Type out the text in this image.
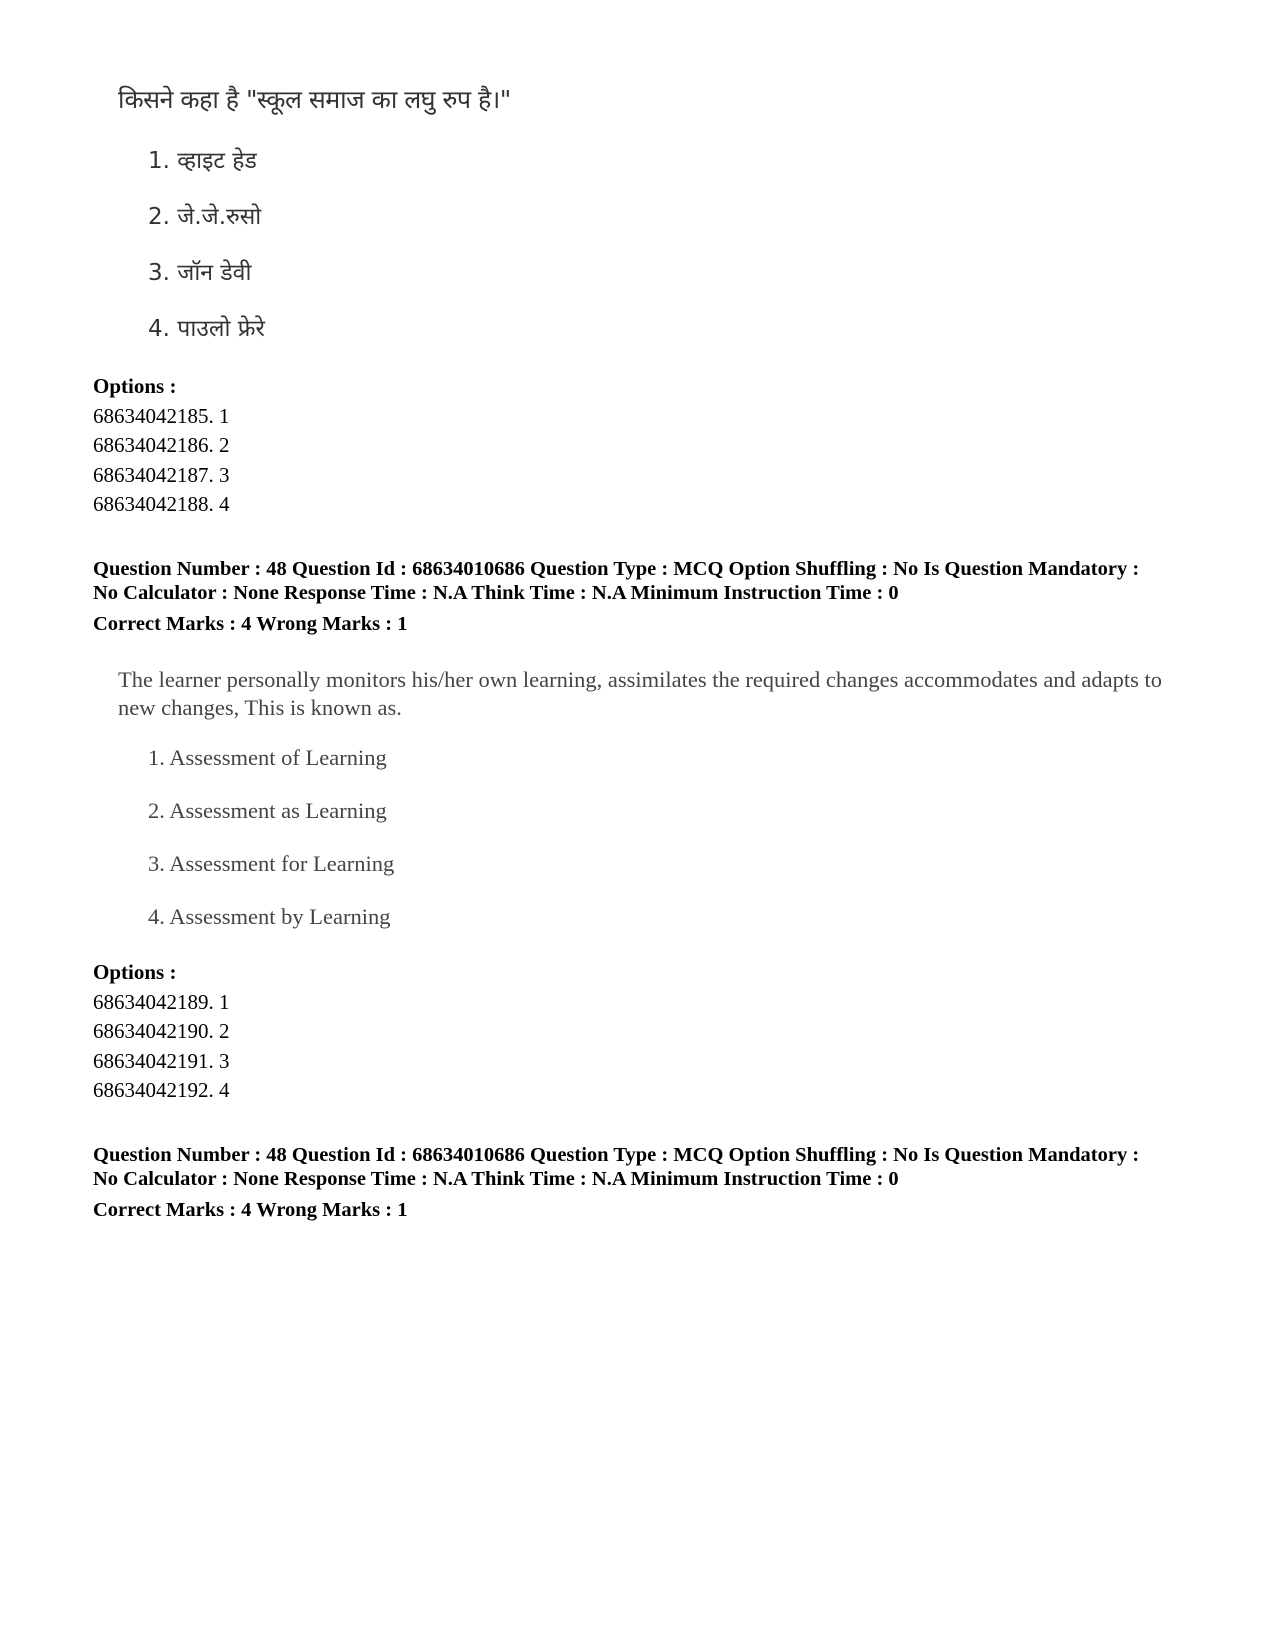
किसने कहा है "स्कूल समाज का लघु रुप है।"
1. व्हाइट हेड
2. जे.जे.रुसो
3. जॉन डेवी
4. पाउलो फ्रेरे
Options :
68634042185. 1
68634042186. 2
68634042187. 3
68634042188. 4
Question Number : 48 Question Id : 68634010686 Question Type : MCQ Option Shuffling : No Is Question Mandatory :
No Calculator : None Response Time : N.A Think Time : N.A Minimum Instruction Time : 0
Correct Marks : 4 Wrong Marks : 1
The learner personally monitors his/her own learning, assimilates the required changes accommodates and adapts to new changes, This is known as.
1. Assessment of Learning
2. Assessment as Learning
3. Assessment for Learning
4. Assessment by Learning
Options :
68634042189. 1
68634042190. 2
68634042191. 3
68634042192. 4
Question Number : 48 Question Id : 68634010686 Question Type : MCQ Option Shuffling : No Is Question Mandatory :
No Calculator : None Response Time : N.A Think Time : N.A Minimum Instruction Time : 0
Correct Marks : 4 Wrong Marks : 1
